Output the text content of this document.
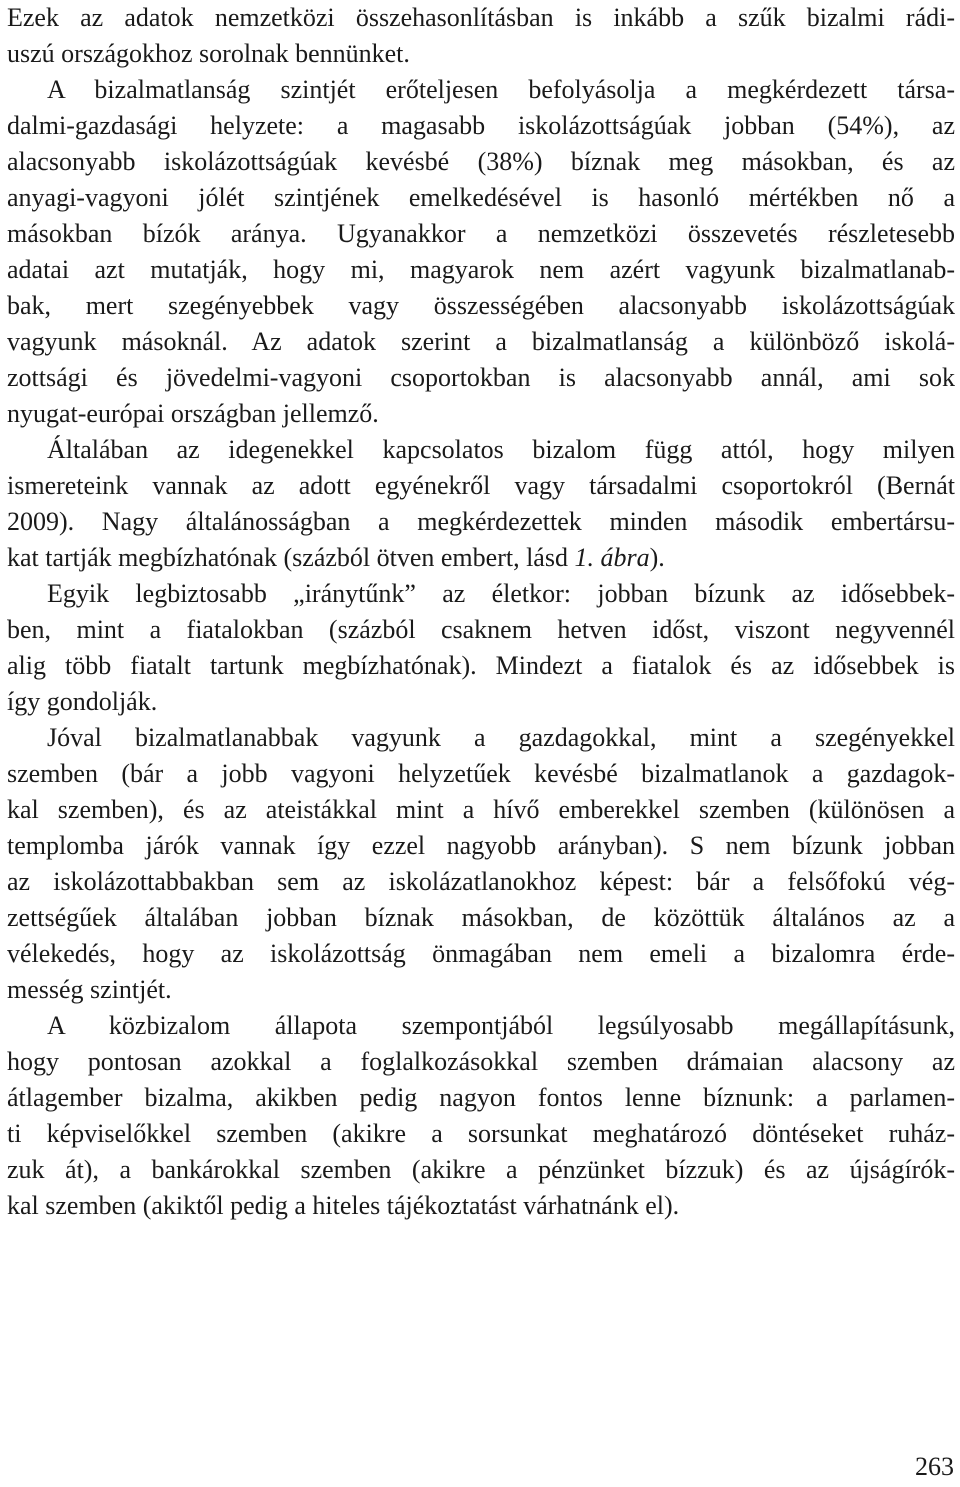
Ezek az adatok nemzetközi összehasonlításban is inkább a szűk bizalmi rádi-
uszú országokhoz sorolnak bennünket.
A bizalmatlanság szintjét erőteljesen befolyásolja a megkérdezett társa-
dalmi-gazdasági helyzete: a magasabb iskolázottságúak jobban (54%), az
alacsonyabb iskolázottságúak kevésbé (38%) bíznak meg másokban, és az
anyagi-vagyoni jólét szintjének emelkedésével is hasonló mértékben nő a
másokban bízók aránya. Ugyanakkor a nemzetközi összevetés részletesebb
adatai azt mutatják, hogy mi, magyarok nem azért vagyunk bizalmatlanab-
bak, mert szegényebbek vagy összességében alacsonyabb iskolázottságúak
vagyunk másoknál. Az adatok szerint a bizalmatlanság a különböző iskolá-
zottsági és jövedelmi-vagyoni csoportokban is alacsonyabb annál, ami sok
nyugat-európai országban jellemző.
Általában az idegenekkel kapcsolatos bizalom függ attól, hogy milyen
ismereteink vannak az adott egyénekről vagy társadalmi csoportokról (Bernát
2009). Nagy általánosságban a megkérdezettek minden második embertársu-
kat tartják megbízhatónak (százból ötven embert, lásd 1. ábra).
Egyik legbiztosabb „iránytűnk” az életkor: jobban bízunk az idősebbek-
ben, mint a fiatalokban (százból csaknem hetven időst, viszont negyvennél
alig több fiatalt tartunk megbízhatónak). Mindezt a fiatalok és az idősebbek is
így gondolják.
Jóval bizalmatlanabbak vagyunk a gazdagokkal, mint a szegényekkel
szemben (bár a jobb vagyoni helyzetűek kevésbé bizalmatlanok a gazdagok-
kal szemben), és az ateistákkal mint a hívő emberekkel szemben (különösen a
templomba járók vannak így ezzel nagyobb arányban). S nem bízunk jobban
az iskolázottabbakban sem az iskolázatlanokhoz képest: bár a felsőfokú vég-
zettségűek általában jobban bíznak másokban, de közöttük általános az a
vélekedés, hogy az iskolázottság önmagában nem emeli a bizalomra érde-
messég szintjét.
A közbizalom állapota szempontjából legsúlyosabb megállapításunk,
hogy pontosan azokkal a foglalkozásokkal szemben drámaian alacsony az
átlagember bizalma, akikben pedig nagyon fontos lenne bíznunk: a parlamen-
ti képviselőkkel szemben (akikre a sorsunkat meghatározó döntéseket ruház-
zuk át), a bankárokkal szemben (akikre a pénzünket bízzuk) és az újságírók-
kal szemben (akiktől pedig a hiteles tájékoztatást várhatnánk el).
263
